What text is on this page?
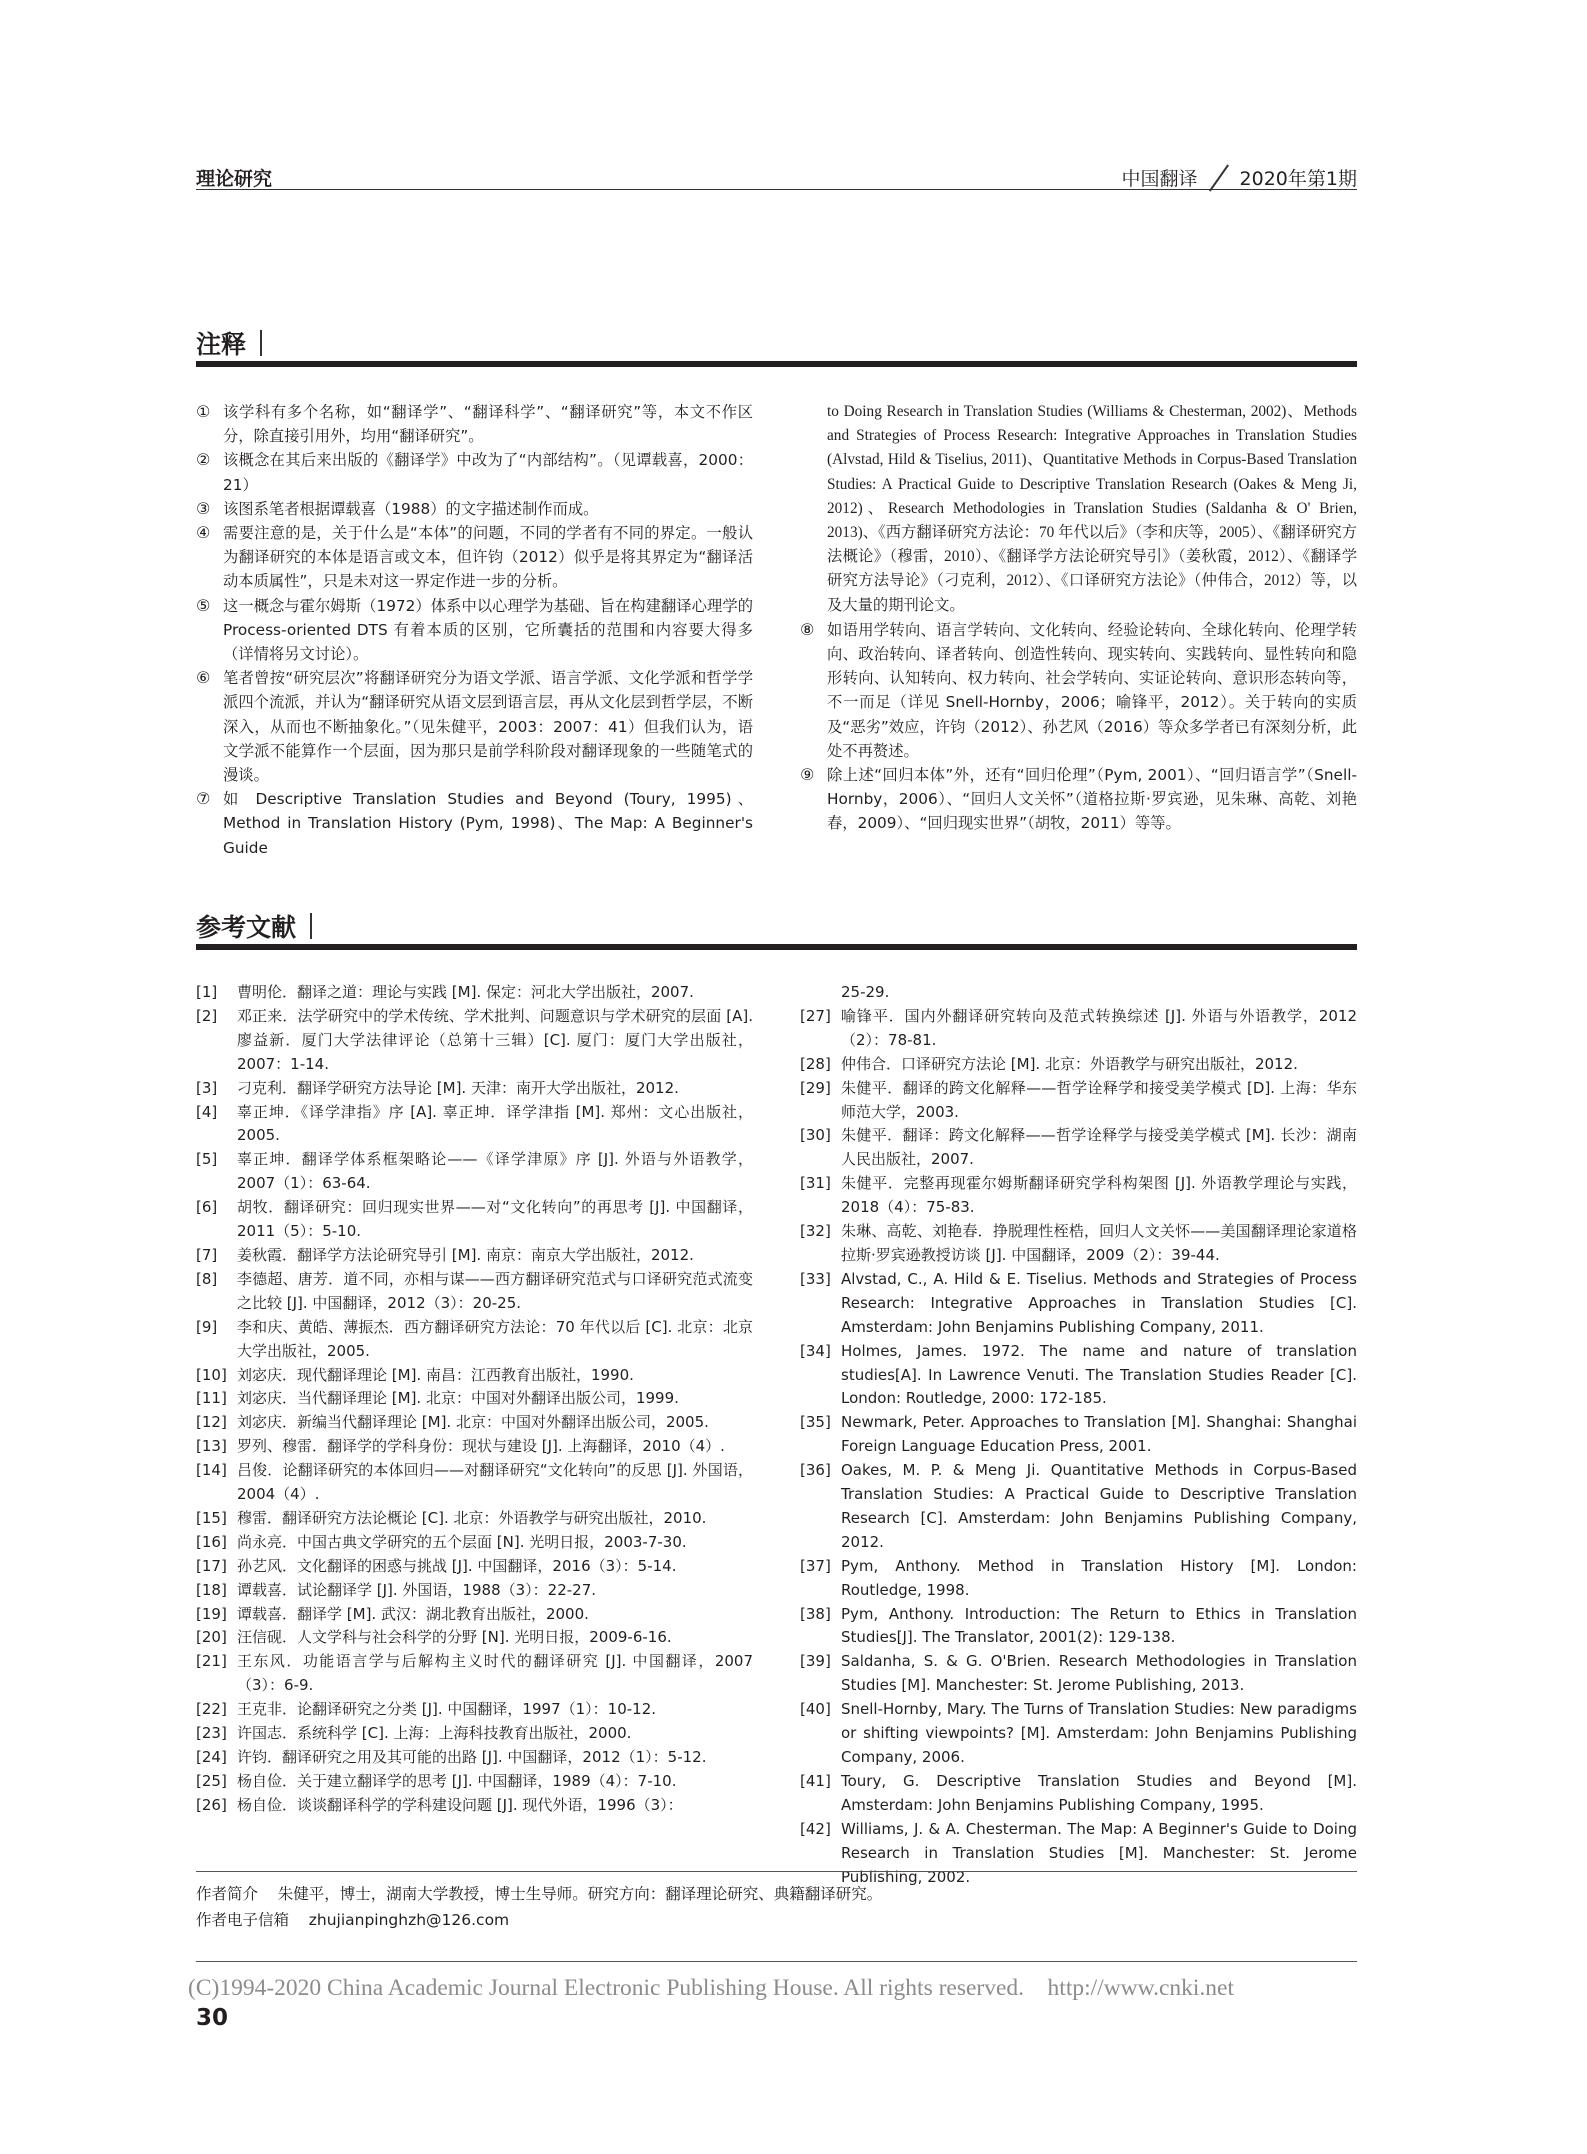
理论研究	中国翻译 2020年第1期
注释
① 该学科有多个名称，如“翻译学”、“翻译科学”、“翻译研究”等，本文不作区分，除直接引用外，均用“翻译研究”。
② 该概念在其后来出版的《翻译学》中改为了“内部结构”。（见谭载喜，2000：21）
③ 该图系笔者根据谭载喜（1988）的文字描述制作而成。
④ 需要注意的是，关于什么是“本体”的问题，不同的学者有不同的界定。一般认为翻译研究的本体是语言或文本，但许钧（2012）似乎是将其界定为“翻译活动本质属性”，只是未对这一界定作进一步的分析。
⑤ 这一概念与霍尔姆斯（1972）体系中以心理学为基础、旨在构建翻译心理学的 Process-oriented DTS 有着本质的区别，它所囊括的范围和内容要大得多（详情将另文讨论）。
⑥ 笔者曾按“研究层次”将翻译研究分为语文学派、语言学派、文化学派和哲学学派四个流派，并认为“翻译研究从语文层到语言层，再从文化层到哲学层，不断深入，从而也不断抽象化。”（见朱健平，2003：2007：41）但我们认为，语文学派不能算作一个层面，因为那只是前学科阶段对翻译现象的一些随笔式的漫谈。
⑦ 如 Descriptive Translation Studies and Beyond (Toury, 1995)、Method in Translation History (Pym, 1998)、The Map: A Beginner's Guide
to Doing Research in Translation Studies (Williams & Chesterman, 2002)、Methods and Strategies of Process Research: Integrative Approaches in Translation Studies (Alvstad, Hild & Tiselius, 2011)、Quantitative Methods in Corpus-Based Translation Studies: A Practical Guide to Descriptive Translation Research (Oakes & Meng Ji, 2012)、Research Methodologies in Translation Studies (Saldanha & O' Brien, 2013)、《西方翻译研究方法论：70 年代以后》（李和庆等，2005）、《翻译研究方法概论》（穆雷，2010）、《翻译学方法论研究导引》（姜秋霞，2012）、《翻译学研究方法导论》（刁克利，2012）、《口译研究方法论》（仲伟合，2012）等，以及大量的期刊论文。
⑧ 如语用学转向、语言学转向、文化转向、经验论转向、全球化转向、伦理学转向、政治转向、译者转向、创造性转向、现实转向、实践转向、显性转向和隐形转向、认知转向、权力转向、社会学转向、实证论转向、意识形态转向等，不一而足（详见 Snell-Hornby，2006；喻锋平，2012）。关于转向的实质及“恶劣”效应，许钧（2012）、孙艺风（2016）等众多学者已有深刻分析，此处不再赘述。
⑨ 除上述“回归本体”外，还有“回归伦理”（Pym, 2001）、“回归语言学”（Snell-Hornby，2006）、“回归人文关怀”（道格拉斯·罗宾逊，见朱琳、高乾、刘艳春，2009）、“回归现实世界”（胡牧，2011）等等。
参考文献
[1]	曹明伦．翻译之道：理论与实践 [M]. 保定：河北大学出版社，2007.
[2]	邓正来．法学研究中的学术传统、学术批判、问题意识与学术研究的层面 [A]. 廖益新．厦门大学法律评论（总第十三辑）[C]. 厦门：厦门大学出版社，2007：1-14.
[3]	刁克利．翻译学研究方法导论 [M]. 天津：南开大学出版社，2012.
[4]	辜正坤．《译学津指》序 [A]. 辜正坤．译学津指 [M]. 郑州：文心出版社，2005.
[5]	辜正坤．翻译学体系框架略论——《译学津原》序 [J]. 外语与外语教学，2007（1）：63-64.
[6]	胡牧．翻译研究：回归现实世界——对“文化转向”的再思考 [J]. 中国翻译，2011（5）：5-10.
[7]	姜秋霞．翻译学方法论研究导引 [M]. 南京：南京大学出版社，2012.
[8]	李德超、唐芳．道不同，亦相与谋——西方翻译研究范式与口译研究范式流变之比较 [J]. 中国翻译，2012（3）：20-25.
[9]	李和庆、黄皓、薄振杰．西方翻译研究方法论：70 年代以后 [C]. 北京：北京大学出版社，2005.
[10] 刘宓庆．现代翻译理论 [M]. 南昌：江西教育出版社，1990.
[11] 刘宓庆．当代翻译理论 [M]. 北京：中国对外翻译出版公司，1999.
[12] 刘宓庆．新编当代翻译理论 [M]. 北京：中国对外翻译出版公司，2005.
[13] 罗列、穆雷．翻译学的学科身份：现状与建设 [J]. 上海翻译，2010（4）.
[14] 吕俊．论翻译研究的本体回归——对翻译研究“文化转向”的反思 [J]. 外国语，2004（4）.
[15] 穆雷．翻译研究方法论概论 [C]. 北京：外语教学与研究出版社，2010.
[16] 尚永亮．中国古典文学研究的五个层面 [N]. 光明日报，2003-7-30.
[17] 孙艺风．文化翻译的困惑与挑战 [J]. 中国翻译，2016（3）：5-14.
[18] 谭载喜．试论翻译学 [J]. 外国语，1988（3）：22-27.
[19] 谭载喜．翻译学 [M]. 武汉：湖北教育出版社，2000.
[20] 汪信砚．人文学科与社会科学的分野 [N]. 光明日报，2009-6-16.
[21] 王东风．功能语言学与后解构主义时代的翻译研究 [J]. 中国翻译，2007（3）：6-9.
[22] 王克非．论翻译研究之分类 [J]. 中国翻译，1997（1）：10-12.
[23] 许国志．系统科学 [C]. 上海：上海科技教育出版社，2000.
[24] 许钧．翻译研究之用及其可能的出路 [J]. 中国翻译，2012（1）：5-12.
[25] 杨自俭．关于建立翻译学的思考 [J]. 中国翻译，1989（4）：7-10.
[26] 杨自俭．谈谈翻译科学的学科建设问题 [J]. 现代外语，1996（3）：
25-29.
[27] 喻锋平．国内外翻译研究转向及范式转换综述 [J]. 外语与外语教学，2012（2）：78-81.
[28] 仲伟合．口译研究方法论 [M]. 北京：外语教学与研究出版社，2012.
[29] 朱健平．翻译的跨文化解释——哲学诠释学和接受美学模式 [D]. 上海：华东师范大学，2003.
[30] 朱健平．翻译：跨文化解释——哲学诠释学与接受美学模式 [M]. 长沙：湖南人民出版社，2007.
[31] 朱健平．完整再现霍尔姆斯翻译研究学科构架图 [J]. 外语教学理论与实践，2018（4）：75-83.
[32] 朱琳、高乾、刘艳春．挣脱理性桎梏，回归人文关怀——美国翻译理论家道格拉斯·罗宾逊教授访谈 [J]. 中国翻译，2009（2）：39-44.
[33] Alvstad, C., A. Hild & E. Tiselius. Methods and Strategies of Process Research: Integrative Approaches in Translation Studies [C]. Amsterdam: John Benjamins Publishing Company, 2011.
[34] Holmes, James. 1972. The name and nature of translation studies[A]. In Lawrence Venuti. The Translation Studies Reader [C]. London: Routledge, 2000: 172-185.
[35] Newmark, Peter. Approaches to Translation [M]. Shanghai: Shanghai Foreign Language Education Press, 2001.
[36] Oakes, M. P. & Meng Ji. Quantitative Methods in Corpus-Based Translation Studies: A Practical Guide to Descriptive Translation Research [C]. Amsterdam: John Benjamins Publishing Company, 2012.
[37] Pym, Anthony. Method in Translation History [M]. London: Routledge, 1998.
[38] Pym, Anthony. Introduction: The Return to Ethics in Translation Studies[J]. The Translator, 2001(2): 129-138.
[39] Saldanha, S. & G. O'Brien. Research Methodologies in Translation Studies [M]. Manchester: St. Jerome Publishing, 2013.
[40] Snell-Hornby, Mary. The Turns of Translation Studies: New paradigms or shifting viewpoints? [M]. Amsterdam: John Benjamins Publishing Company, 2006.
[41] Toury, G. Descriptive Translation Studies and Beyond [M]. Amsterdam: John Benjamins Publishing Company, 1995.
[42] Williams, J. & A. Chesterman. The Map: A Beginner's Guide to Doing Research in Translation Studies [M]. Manchester: St. Jerome Publishing, 2002.
作者简介 朱健平，博士，湖南大学教授，博士生导师。研究方向：翻译理论研究、典籍翻译研究。
作者电子信箱 zhujianpinghzh@126.com
(C)1994-2020 China Academic Journal Electronic Publishing House. All rights reserved.    http://www.cnki.net
30
